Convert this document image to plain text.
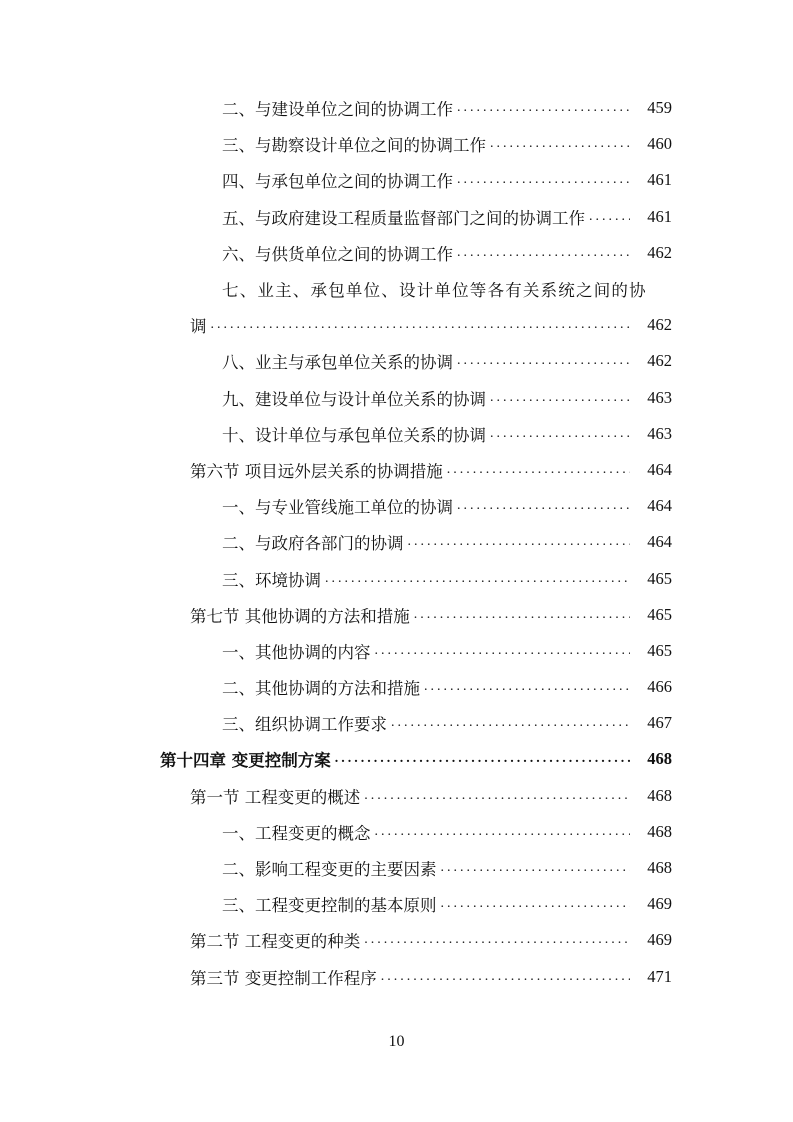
二、与建设单位之间的协调工作 . . .	459
三、与勘察设计单位之间的协调工作 . . .	460
四、与承包单位之间的协调工作 . . .	461
五、与政府建设工程质量监督部门之间的协调工作 . . .	461
六、与供货单位之间的协调工作 . . .	462
七、业主、承包单位、设计单位等各有关系统之间的协
调 . . .	462
八、业主与承包单位关系的协调 . . .	462
九、建设单位与设计单位关系的协调 . . .	463
十、设计单位与承包单位关系的协调 . . .	463
第六节 项目远外层关系的协调措施 . . .	464
一、与专业管线施工单位的协调 . . .	464
二、与政府各部门的协调 . . .	464
三、环境协调 . . .	465
第七节 其他协调的方法和措施 . . .	465
一、其他协调的内容 . . .	465
二、其他协调的方法和措施 . . .	466
三、组织协调工作要求 . . .	467
第十四章 变更控制方案 . . .	468
第一节 工程变更的概述 . . .	468
一、工程变更的概念 . . .	468
二、影响工程变更的主要因素 . . .	468
三、工程变更控制的基本原则 . . .	469
第二节 工程变更的种类 . . .	469
第三节 变更控制工作程序 . . .	471
10
